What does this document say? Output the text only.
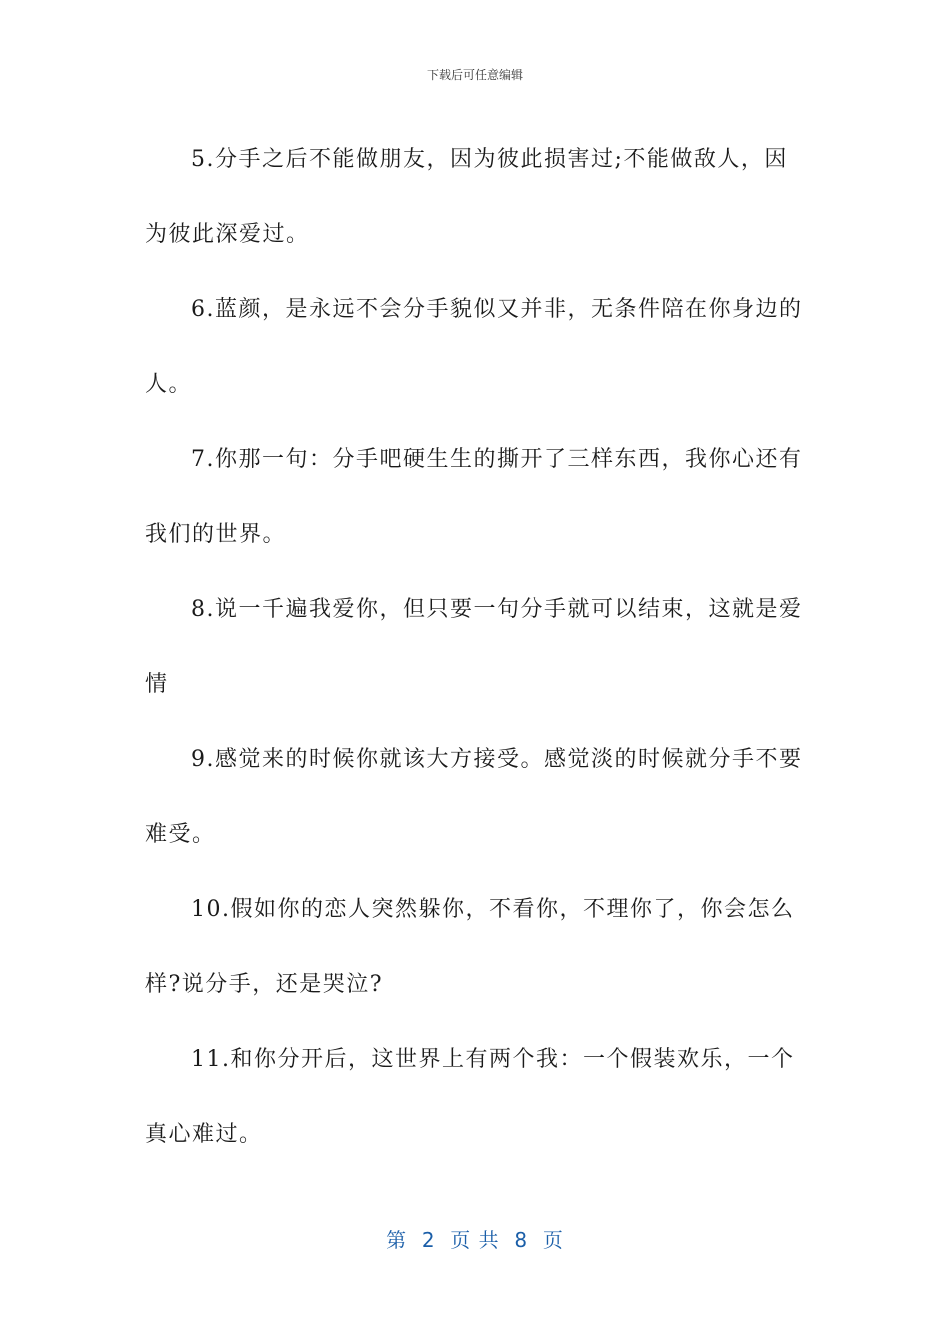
下载后可任意编辑

5.分手之后不能做朋友，因为彼此损害过;不能做敌人，因为彼此深爱过。

6.蓝颜，是永远不会分手貌似又并非，无条件陪在你身边的人。

7.你那一句：分手吧硬生生的撕开了三样东西，我你心还有我们的世界。

8.说一千遍我爱你，但只要一句分手就可以结束，这就是爱情

9.感觉来的时候你就该大方接受。感觉淡的时候就分手不要难受。

10.假如你的恋人突然躲你，不看你，不理你了，你会怎么样?说分手，还是哭泣?

11.和你分开后，这世界上有两个我：一个假装欢乐，一个真心难过。

第  2  页 共  8  页
